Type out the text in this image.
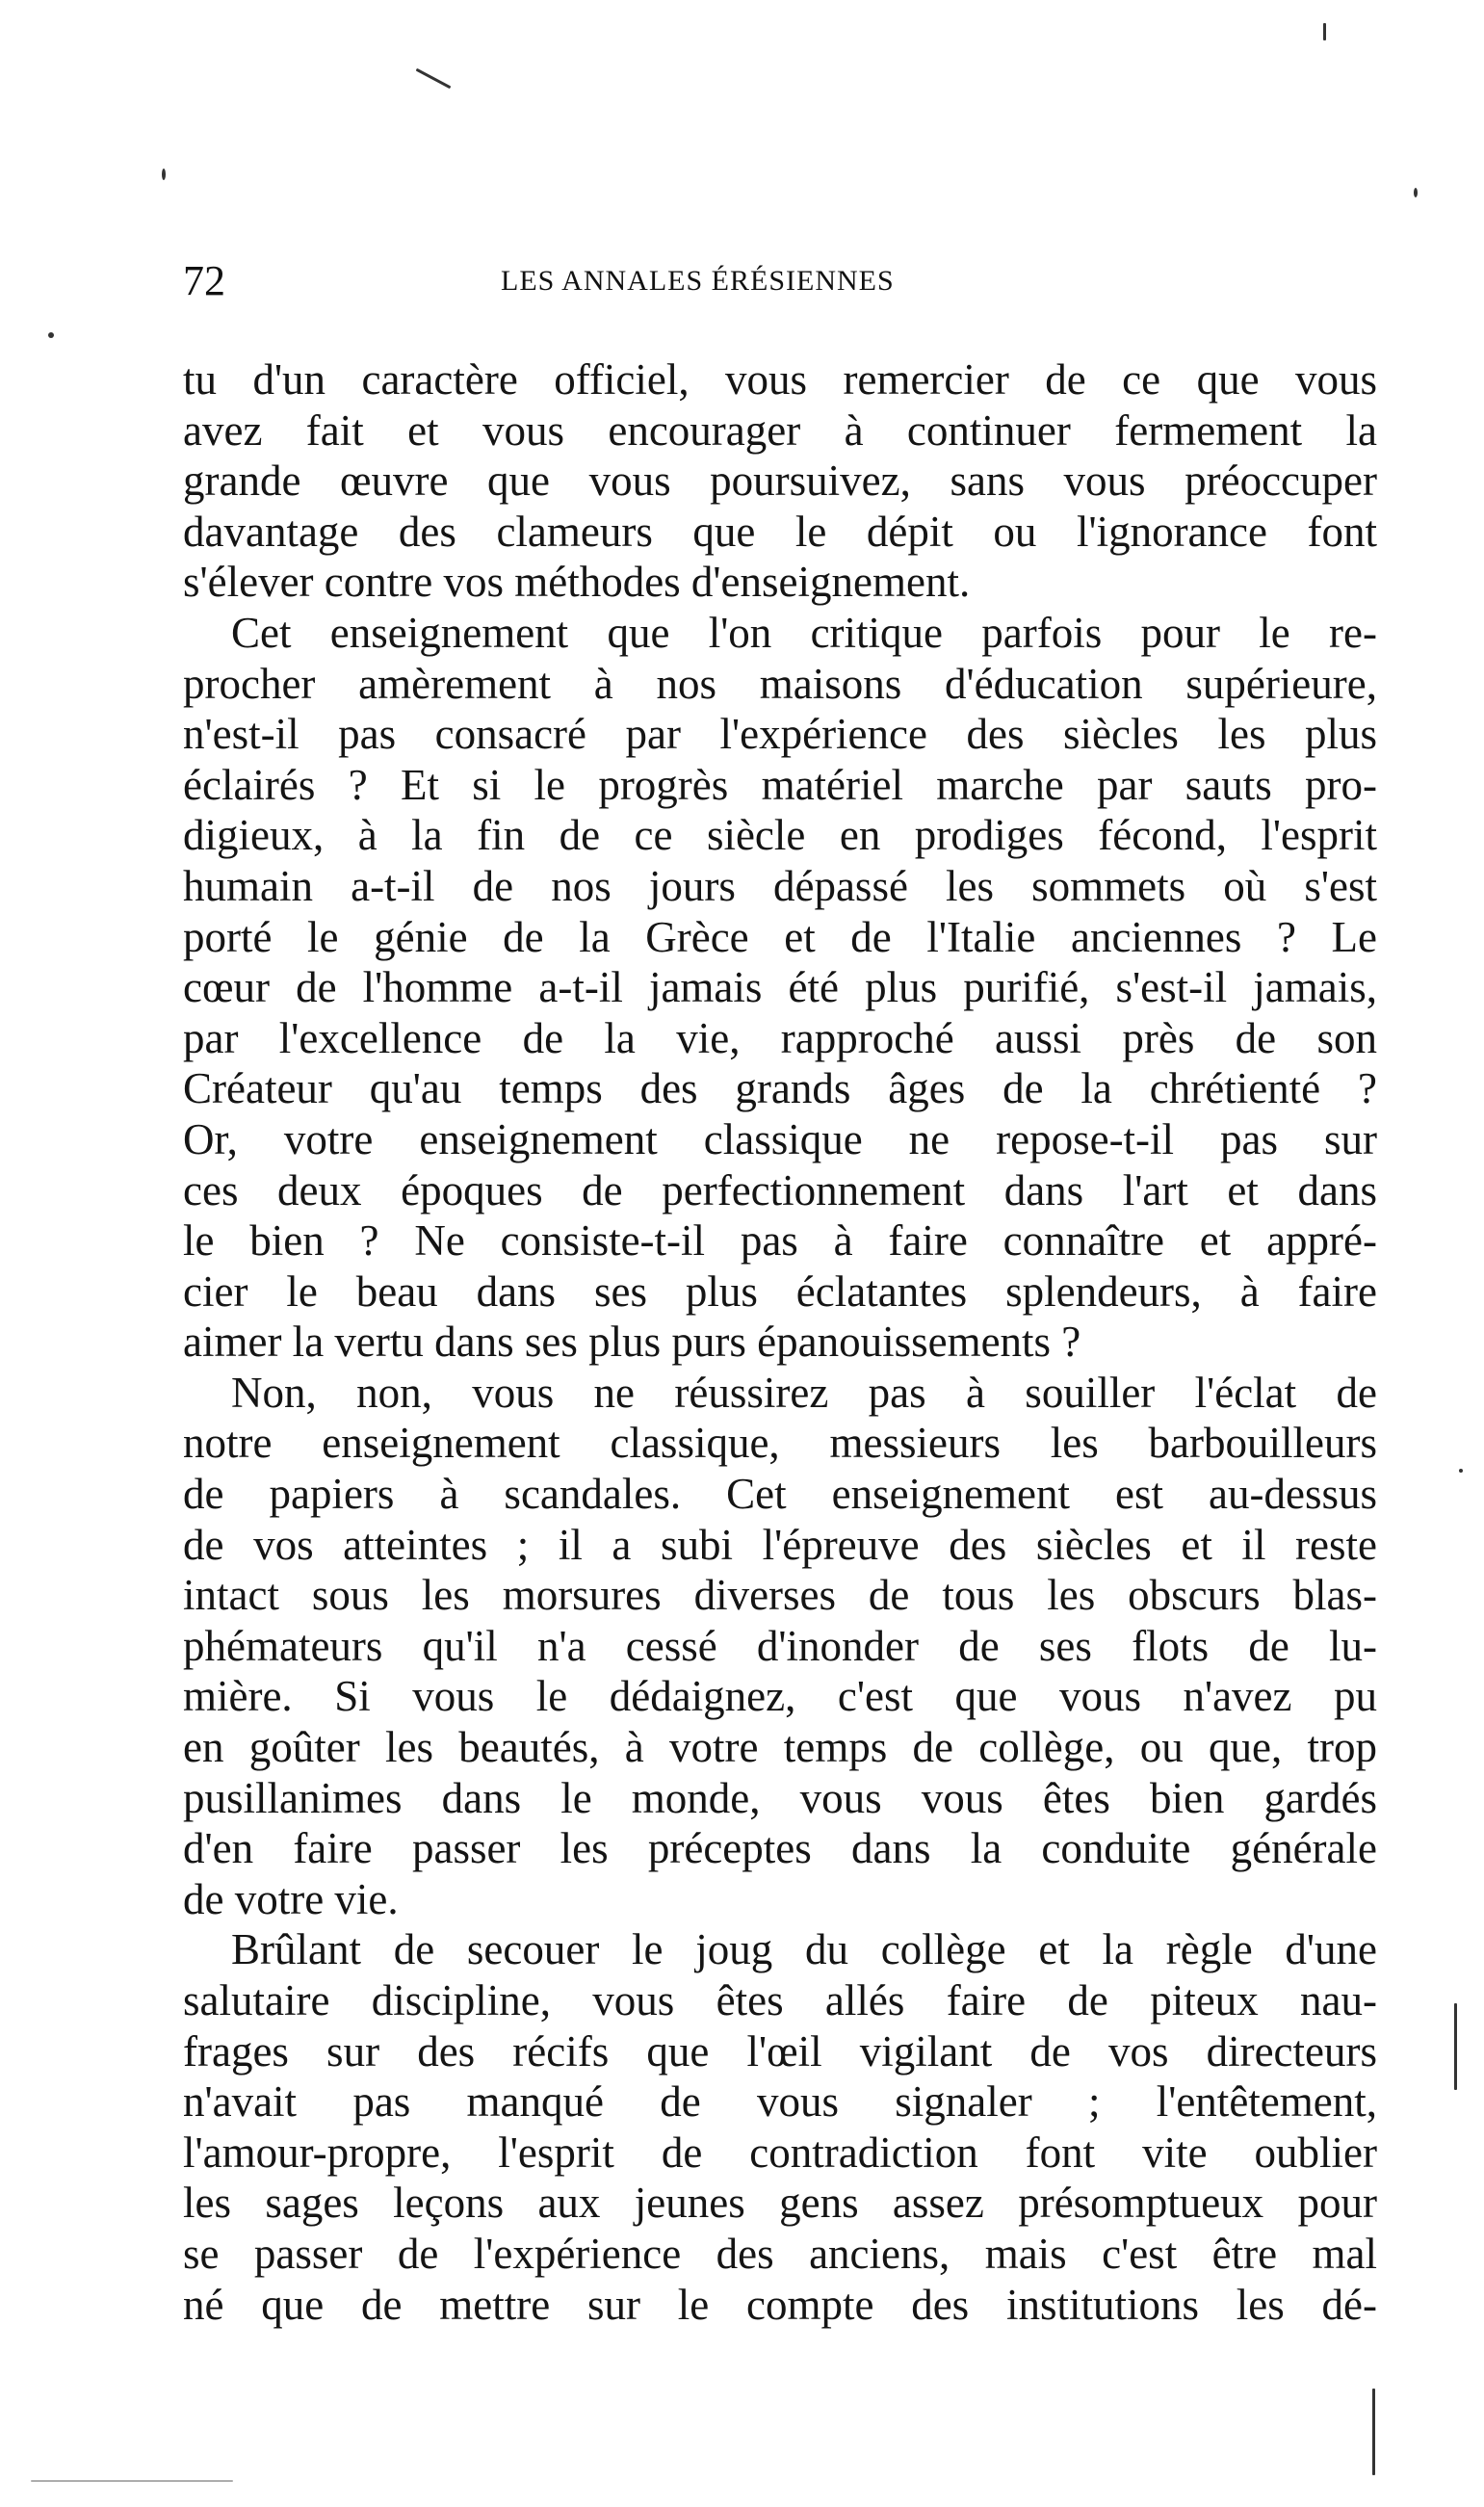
72	LES ANNALES ÉRÉSIENNES
tu d'un caractère officiel, vous remercier de ce que vous
avez fait et vous encourager à continuer fermement la
grande œuvre que vous poursuivez, sans vous préoccuper
davantage des clameurs que le dépit ou l'ignorance font
s'élever contre vos méthodes d'enseignement.
Cet enseignement que l'on critique parfois pour le re-
procher amèrement à nos maisons d'éducation supérieure,
n'est-il pas consacré par l'expérience des siècles les plus
éclairés ? Et si le progrès matériel marche par sauts pro-
digieux, à la fin de ce siècle en prodiges fécond, l'esprit
humain a-t-il de nos jours dépassé les sommets où s'est
porté le génie de la Grèce et de l'Italie anciennes ? Le
cœur de l'homme a-t-il jamais été plus purifié, s'est-il jamais,
par l'excellence de la vie, rapproché aussi près de son
Créateur qu'au temps des grands âges de la chrétienté ?
Or, votre enseignement classique ne repose-t-il pas sur
ces deux époques de perfectionnement dans l'art et dans
le bien ? Ne consiste-t-il pas à faire connaître et appré-
cier le beau dans ses plus éclatantes splendeurs, à faire
aimer la vertu dans ses plus purs épanouissements ?
Non, non, vous ne réussirez pas à souiller l'éclat de
notre enseignement classique, messieurs les barbouilleurs
de papiers à scandales. Cet enseignement est au-dessus
de vos atteintes ; il a subi l'épreuve des siècles et il reste
intact sous les morsures diverses de tous les obscurs blas-
phémateurs qu'il n'a cessé d'inonder de ses flots de lu-
mière. Si vous le dédaignez, c'est que vous n'avez pu
en goûter les beautés, à votre temps de collège, ou que, trop
pusillanimes dans le monde, vous vous êtes bien gardés
d'en faire passer les préceptes dans la conduite générale
de votre vie.
Brûlant de secouer le joug du collège et la règle d'une
salutaire discipline, vous êtes allés faire de piteux nau-
frages sur des récifs que l'œil vigilant de vos directeurs
n'avait pas manqué de vous signaler ; l'entêtement,
l'amour-propre, l'esprit de contradiction font vite oublier
les sages leçons aux jeunes gens assez présomptueux pour
se passer de l'expérience des anciens, mais c'est être mal
né que de mettre sur le compte des institutions les dé-
